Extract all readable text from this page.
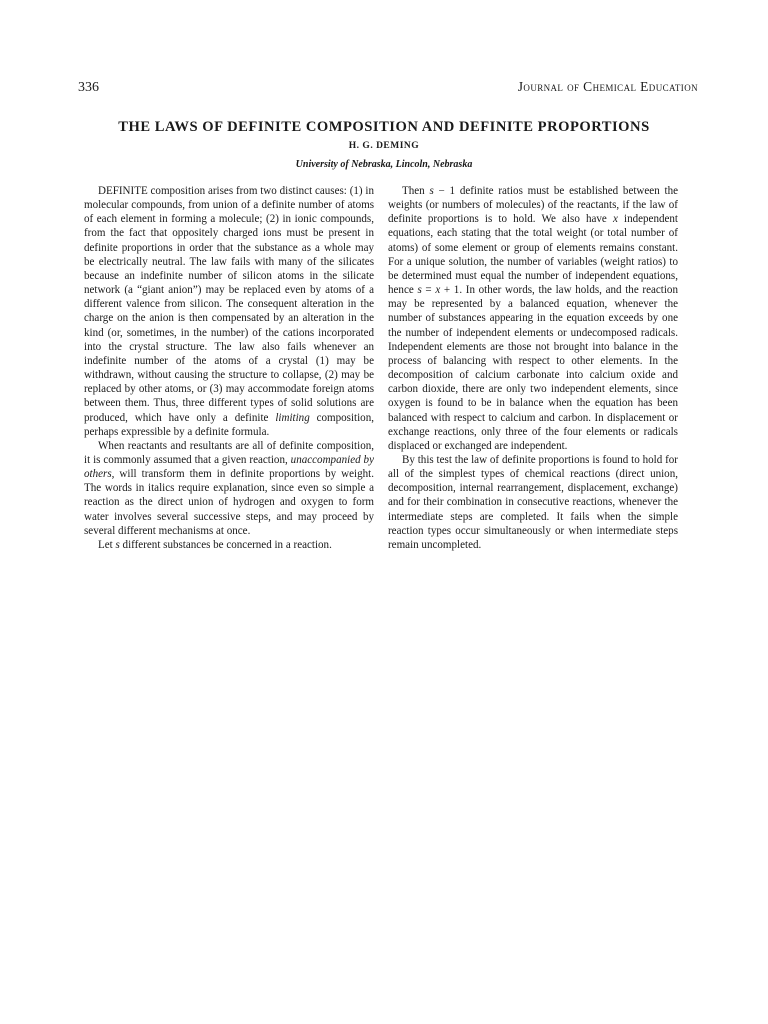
336	Journal of Chemical Education
THE LAWS OF DEFINITE COMPOSITION AND DEFINITE PROPORTIONS
H. G. DEMING
University of Nebraska, Lincoln, Nebraska

DEFINITE composition arises from two distinct causes: (1) in molecular compounds, from union of a definite number of atoms of each element in forming a molecule; (2) in ionic compounds, from the fact that oppositely charged ions must be present in definite proportions in order that the substance as a whole may be electrically neutral. The law fails with many of the silicates because an indefinite number of silicon atoms in the silicate network (a “giant anion”) may be replaced even by atoms of a different valence from silicon. The consequent alteration in the charge on the anion is then compensated by an alteration in the kind (or, sometimes, in the number) of the cations incorporated into the crystal structure. The law also fails whenever an indefinite number of the atoms of a crystal (1) may be withdrawn, without causing the structure to collapse, (2) may be replaced by other atoms, or (3) may accommodate foreign atoms between them. Thus, three different types of solid solutions are produced, which have only a definite limiting composition, perhaps expressible by a definite formula.

When reactants and resultants are all of definite composition, it is commonly assumed that a given reaction, unaccompanied by others, will transform them in definite proportions by weight. The words in italics require explanation, since even so simple a reaction as the direct union of hydrogen and oxygen to form water involves several successive steps, and may proceed by several different mechanisms at once.

Let s different substances be concerned in a reaction.

Then s − 1 definite ratios must be established between the weights (or numbers of molecules) of the reactants, if the law of definite proportions is to hold. We also have x independent equations, each stating that the total weight (or total number of atoms) of some element or group of elements remains constant. For a unique solution, the number of variables (weight ratios) to be determined must equal the number of independent equations, hence s = x + 1. In other words, the law holds, and the reaction may be represented by a balanced equation, whenever the number of substances appearing in the equation exceeds by one the number of independent elements or undecomposed radicals. Independent elements are those not brought into balance in the process of balancing with respect to other elements. In the decomposition of calcium carbonate into calcium oxide and carbon dioxide, there are only two independent elements, since oxygen is found to be in balance when the equation has been balanced with respect to calcium and carbon. In displacement or exchange reactions, only three of the four elements or radicals displaced or exchanged are independent.

By this test the law of definite proportions is found to hold for all of the simplest types of chemical reactions (direct union, decomposition, internal rearrangement, displacement, exchange) and for their combination in consecutive reactions, whenever the intermediate steps are completed. It fails when the simple reaction types occur simultaneously or when intermediate steps remain uncompleted.
